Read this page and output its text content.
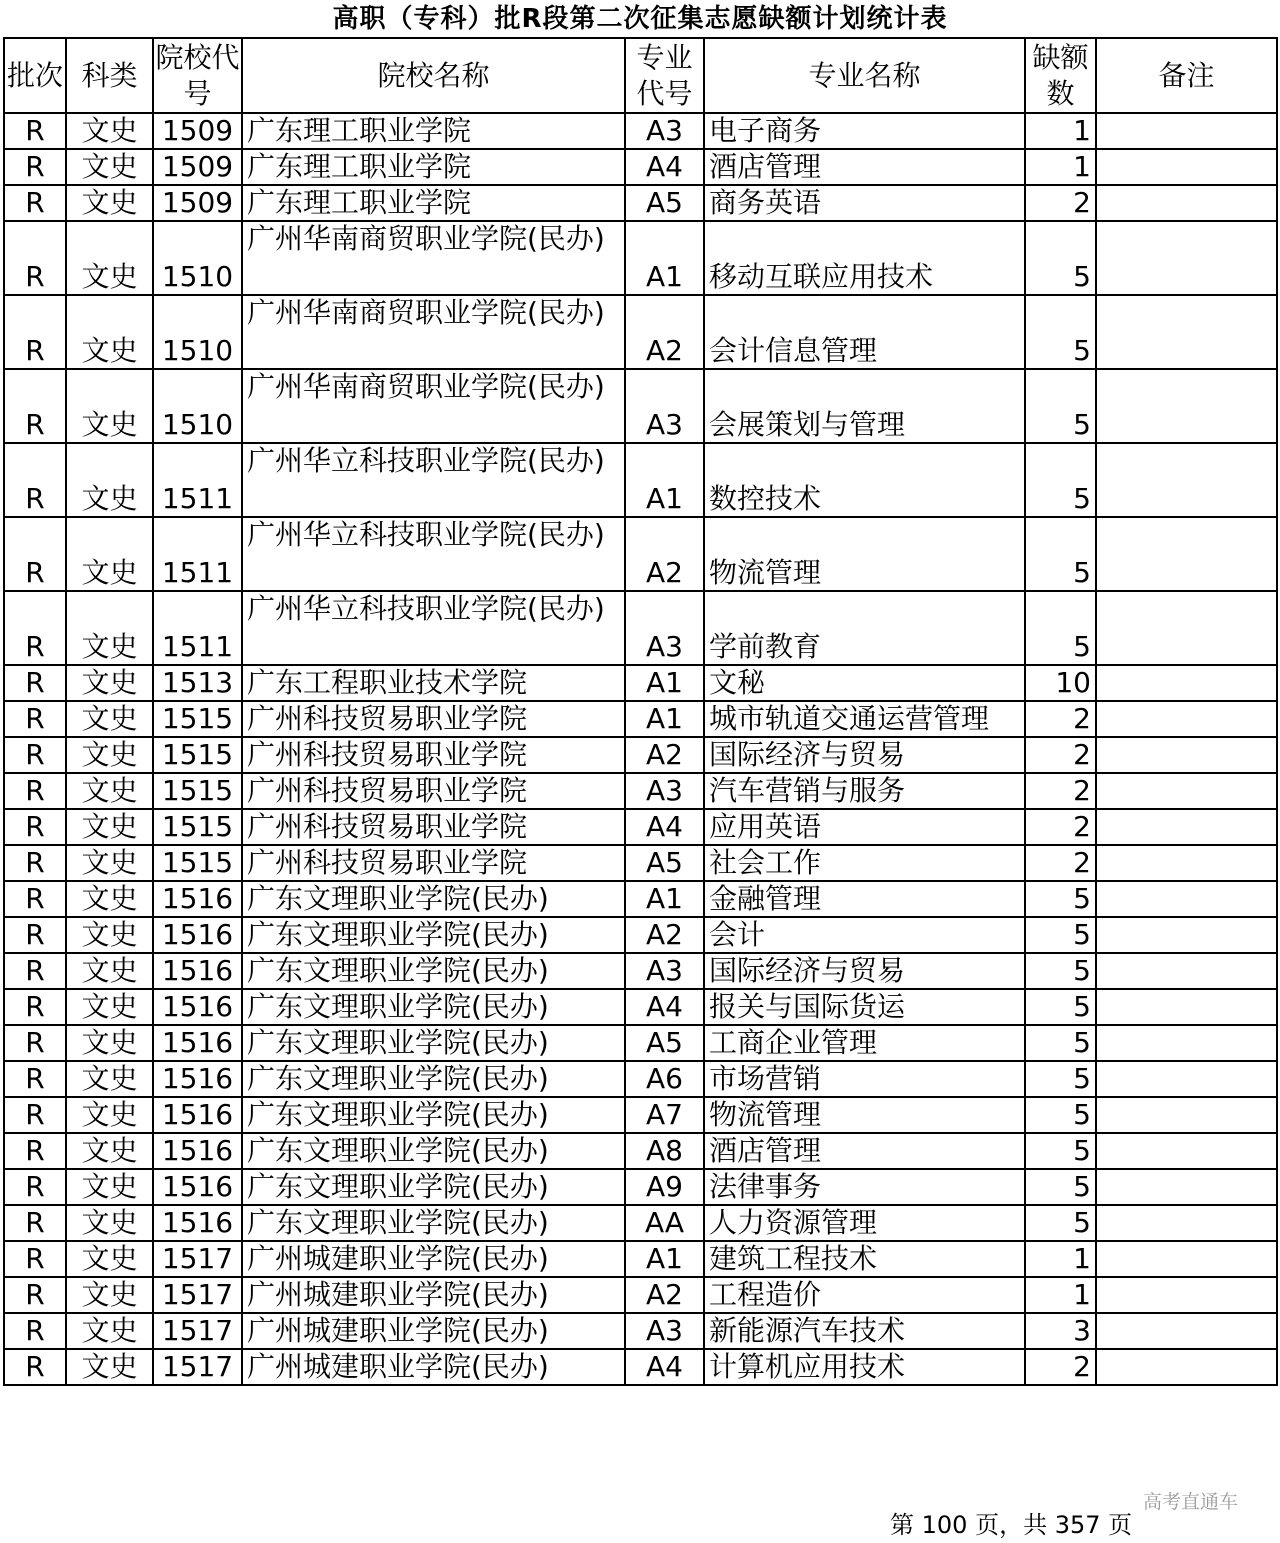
高职（专科）批R段第二次征集志愿缺额计划统计表
批次	科类	院校代号	院校名称	专业代号	专业名称	缺额数	备注
R	文史	1509	广东理工职业学院	A3	电子商务	1	
R	文史	1509	广东理工职业学院	A4	酒店管理	1	
R	文史	1509	广东理工职业学院	A5	商务英语	2	
R	文史	1510	广州华南商贸职业学院(民办)	A1	移动互联应用技术	5	
R	文史	1510	广州华南商贸职业学院(民办)	A2	会计信息管理	5	
R	文史	1510	广州华南商贸职业学院(民办)	A3	会展策划与管理	5	
R	文史	1511	广州华立科技职业学院(民办)	A1	数控技术	5	
R	文史	1511	广州华立科技职业学院(民办)	A2	物流管理	5	
R	文史	1511	广州华立科技职业学院(民办)	A3	学前教育	5	
R	文史	1513	广东工程职业技术学院	A1	文秘	10	
R	文史	1515	广州科技贸易职业学院	A1	城市轨道交通运营管理	2	
R	文史	1515	广州科技贸易职业学院	A2	国际经济与贸易	2	
R	文史	1515	广州科技贸易职业学院	A3	汽车营销与服务	2	
R	文史	1515	广州科技贸易职业学院	A4	应用英语	2	
R	文史	1515	广州科技贸易职业学院	A5	社会工作	2	
R	文史	1516	广东文理职业学院(民办)	A1	金融管理	5	
R	文史	1516	广东文理职业学院(民办)	A2	会计	5	
R	文史	1516	广东文理职业学院(民办)	A3	国际经济与贸易	5	
R	文史	1516	广东文理职业学院(民办)	A4	报关与国际货运	5	
R	文史	1516	广东文理职业学院(民办)	A5	工商企业管理	5	
R	文史	1516	广东文理职业学院(民办)	A6	市场营销	5	
R	文史	1516	广东文理职业学院(民办)	A7	物流管理	5	
R	文史	1516	广东文理职业学院(民办)	A8	酒店管理	5	
R	文史	1516	广东文理职业学院(民办)	A9	法律事务	5	
R	文史	1516	广东文理职业学院(民办)	AA	人力资源管理	5	
R	文史	1517	广州城建职业学院(民办)	A1	建筑工程技术	1	
R	文史	1517	广州城建职业学院(民办)	A2	工程造价	1	
R	文史	1517	广州城建职业学院(民办)	A3	新能源汽车技术	3	
R	文史	1517	广州城建职业学院(民办)	A4	计算机应用技术	2	
高考直通车
第 100 页，共 357 页
